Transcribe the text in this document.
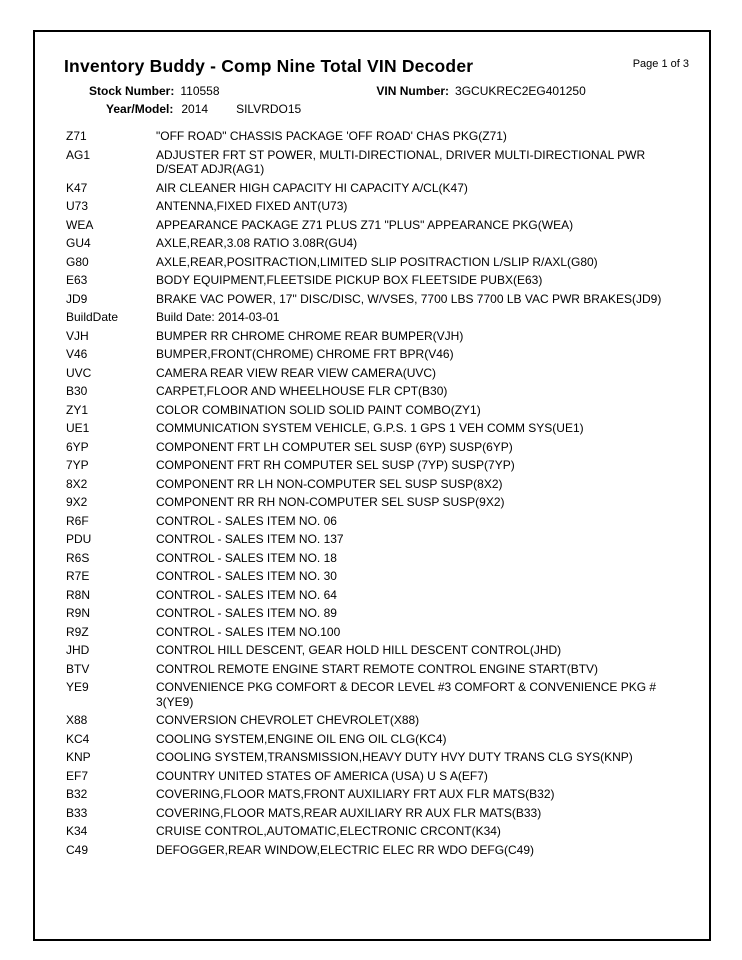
Inventory Buddy - Comp Nine Total VIN Decoder	Page 1 of 3
Stock Number: 110558	VIN Number: 3GCUKREC2EG401250
Year/Model: 2014 SILVRDO15
Z71	"OFF ROAD" CHASSIS PACKAGE 'OFF ROAD' CHAS PKG(Z71)
AG1	ADJUSTER FRT ST POWER, MULTI-DIRECTIONAL, DRIVER MULTI-DIRECTIONAL PWR D/SEAT ADJR(AG1)
K47	AIR CLEANER HIGH CAPACITY HI CAPACITY A/CL(K47)
U73	ANTENNA,FIXED FIXED ANT(U73)
WEA	APPEARANCE PACKAGE Z71 PLUS Z71 "PLUS" APPEARANCE PKG(WEA)
GU4	AXLE,REAR,3.08 RATIO 3.08R(GU4)
G80	AXLE,REAR,POSITRACTION,LIMITED SLIP POSITRACTION L/SLIP R/AXL(G80)
E63	BODY EQUIPMENT,FLEETSIDE PICKUP BOX FLEETSIDE PUBX(E63)
JD9	BRAKE VAC POWER, 17" DISC/DISC, W/VSES, 7700 LBS 7700 LB VAC PWR BRAKES(JD9)
BuildDate	Build Date: 2014-03-01
VJH	BUMPER RR CHROME CHROME REAR BUMPER(VJH)
V46	BUMPER,FRONT(CHROME) CHROME FRT BPR(V46)
UVC	CAMERA REAR VIEW REAR VIEW CAMERA(UVC)
B30	CARPET,FLOOR AND WHEELHOUSE FLR CPT(B30)
ZY1	COLOR COMBINATION SOLID SOLID PAINT COMBO(ZY1)
UE1	COMMUNICATION SYSTEM VEHICLE, G.P.S. 1 GPS 1 VEH COMM SYS(UE1)
6YP	COMPONENT FRT LH COMPUTER SEL SUSP (6YP) SUSP(6YP)
7YP	COMPONENT FRT RH COMPUTER SEL SUSP (7YP) SUSP(7YP)
8X2	COMPONENT RR LH NON-COMPUTER SEL SUSP SUSP(8X2)
9X2	COMPONENT RR RH NON-COMPUTER SEL SUSP SUSP(9X2)
R6F	CONTROL - SALES ITEM NO. 06
PDU	CONTROL - SALES ITEM NO. 137
R6S	CONTROL - SALES ITEM NO. 18
R7E	CONTROL - SALES ITEM NO. 30
R8N	CONTROL - SALES ITEM NO. 64
R9N	CONTROL - SALES ITEM NO. 89
R9Z	CONTROL - SALES ITEM NO.100
JHD	CONTROL HILL DESCENT, GEAR HOLD HILL DESCENT CONTROL(JHD)
BTV	CONTROL REMOTE ENGINE START REMOTE CONTROL ENGINE START(BTV)
YE9	CONVENIENCE PKG COMFORT & DECOR LEVEL #3 COMFORT & CONVENIENCE PKG # 3(YE9)
X88	CONVERSION CHEVROLET CHEVROLET(X88)
KC4	COOLING SYSTEM,ENGINE OIL ENG OIL CLG(KC4)
KNP	COOLING SYSTEM,TRANSMISSION,HEAVY DUTY HVY DUTY TRANS CLG SYS(KNP)
EF7	COUNTRY UNITED STATES OF AMERICA (USA) U S A(EF7)
B32	COVERING,FLOOR MATS,FRONT AUXILIARY FRT AUX FLR MATS(B32)
B33	COVERING,FLOOR MATS,REAR AUXILIARY RR AUX FLR MATS(B33)
K34	CRUISE CONTROL,AUTOMATIC,ELECTRONIC CRCONT(K34)
C49	DEFOGGER,REAR WINDOW,ELECTRIC ELEC RR WDO DEFG(C49)
